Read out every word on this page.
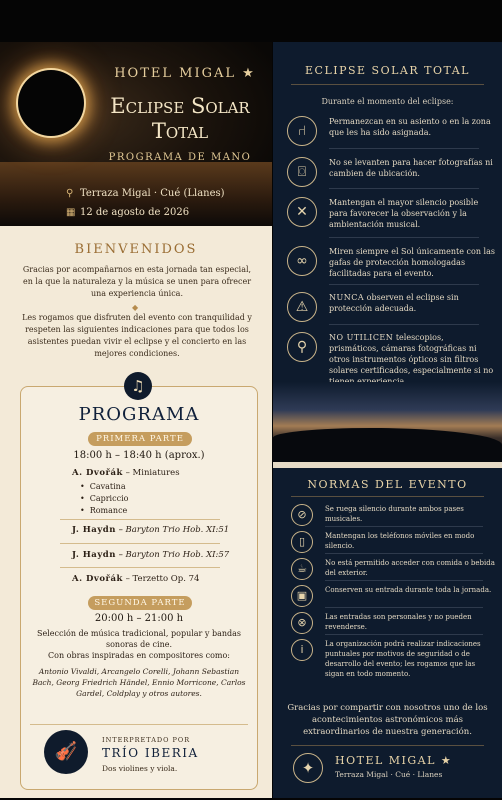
HOTEL MIGAL ★
Eclipse Solar
Total
PROGRAMA DE MANO
⚲ Terraza Migal · Cué (Llanes)
▦ 12 de agosto de 2026
BIENVENIDOS
Gracias por acompañarnos en esta jornada tan especial, en la que la naturaleza y la música se unen para ofrecer una experiencia única.
◆
Les rogamos que disfruten del evento con tranquilidad y respeten las siguientes indicaciones para que todos los asistentes puedan vivir el eclipse y el concierto en las mejores condiciones.
♫
PROGRAMA
PRIMERA PARTE
18:00 h – 18:40 h (aprox.)
A. Dvořák – Miniatures
• Cavatina
• Capriccio
• Romance
J. Haydn – Baryton Trio Hob. XI:51
J. Haydn – Baryton Trio Hob. XI:57
A. Dvořák – Terzetto Op. 74
SEGUNDA PARTE
20:00 h – 21:00 h
Selección de música tradicional, popular y bandas sonoras de cine.
Con obras inspiradas en compositores como:
Antonio Vivaldi, Arcangelo Corelli, Johann Sebastian Bach, Georg Friedrich Händel, Ennio Morricone, Carlos Gardel, Coldplay y otros autores.
🎻
INTERPRETADO POR
TRÍO IBERIA
Dos violines y viola.
ECLIPSE SOLAR TOTAL
Durante el momento del eclipse:
⑁
Permanezcan en su asiento o en la zona que les ha sido asignada.
⌼
No se levanten para hacer fotografías ni cambien de ubicación.
✕
Mantengan el mayor silencio posible para favorecer la observación y la ambientación musical.
∞
Miren siempre el Sol únicamente con las gafas de protección homologadas facilitadas para el evento.
⚠
NUNCA observen el eclipse sin protección adecuada.
⚲
NO UTILICEN telescopios, prismáticos, cámaras fotográficas ni otros instrumentos ópticos sin filtros solares certificados, especialmente si no
NORMAS DEL EVENTO
⊘	Se ruega silencio durante ambos pases musicales.
▯	Mantengan los teléfonos móviles en modo silencio.
☕	No está permitido acceder con comida o bebida del exterior.
▣	Conserven su entrada durante toda la jornada.
⊗	Las entradas son personales y no pueden revenderse.
i	La organización podrá realizar indicaciones puntuales por motivos de seguridad o de desarrollo del evento; les rogamos que las sigan en todo momento.
Gracias por compartir con nosotros uno de los acontecimientos astronómicos más extraordinarios de nuestra generación.
✦	HOTEL MIGAL ★
Terraza Migal · Cué · Llanes
